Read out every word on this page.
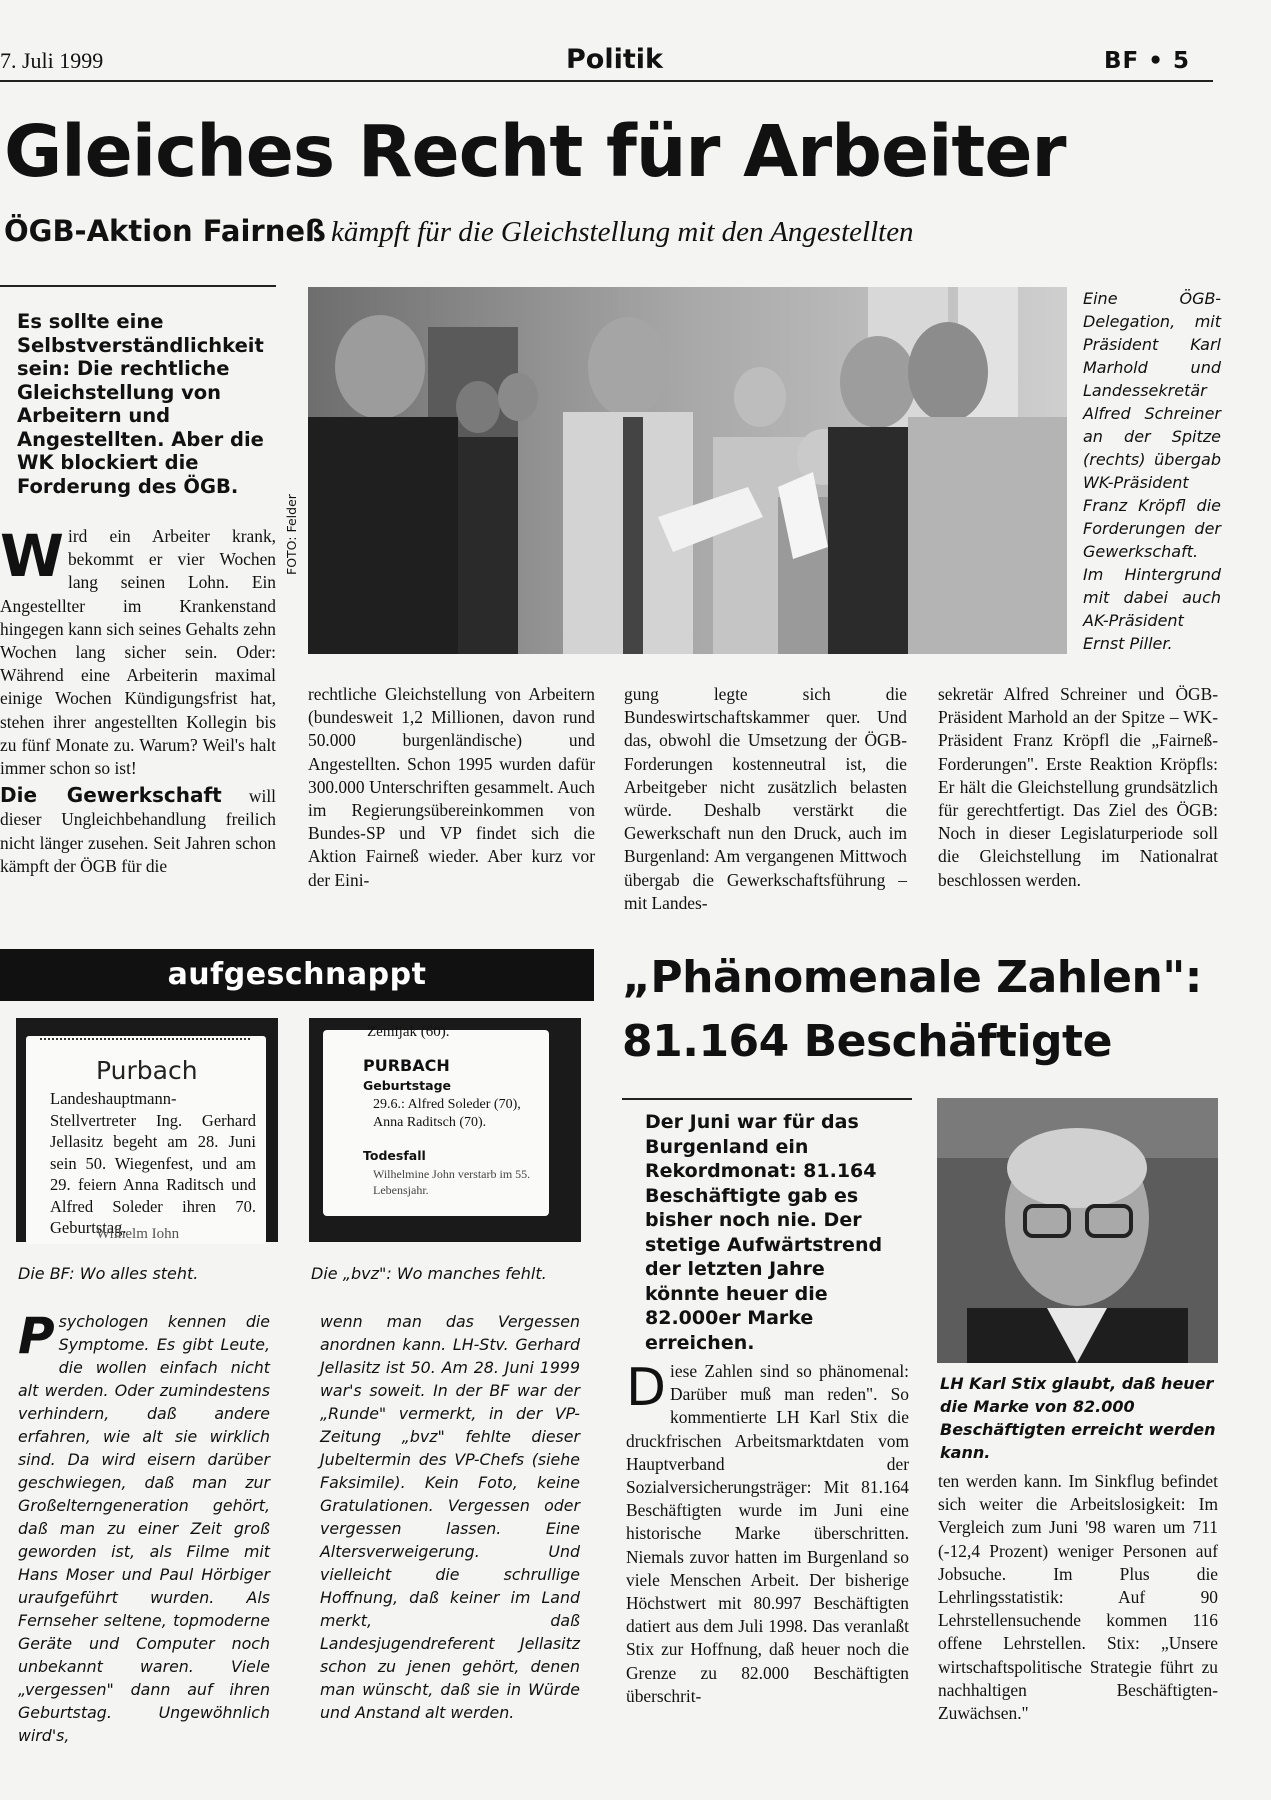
7. Juli 1999	Politik	BF • 5
Gleiches Recht für Arbeiter
ÖGB-Aktion Fairneß kämpft für die Gleichstellung mit den Angestellten
Es sollte eine Selbstverständlichkeit sein: Die rechtliche Gleichstellung von Arbeitern und Angestellten. Aber die WK blockiert die Forderung des ÖGB.
FOTO: Felder
Eine ÖGB-Delegation, mit Präsident Karl Marhold und Landessekretär Alfred Schreiner an der Spitze (rechts) übergab WK-Präsident Franz Kröpfl die Forderungen der Gewerkschaft. Im Hintergrund mit dabei auch AK-Präsident Ernst Piller.

W ird ein Arbeiter krank, bekommt er vier Wochen lang seinen Lohn. Ein Angestellter im Krankenstand hingegen kann sich seines Gehalts zehn Wochen lang sicher sein. Oder: Während eine Arbeiterin maximal einige Wochen Kündigungsfrist hat, stehen ihrer angestellten Kollegin bis zu fünf Monate zu. Warum? Weil's halt immer schon so ist!

Die Gewerkschaft will dieser Ungleichbehandlung freilich nicht länger zusehen. Seit Jahren schon kämpft der ÖGB für die

rechtliche Gleichstellung von Arbeitern (bundesweit 1,2 Millionen, davon rund 50.000 burgenländische) und Angestellten. Schon 1995 wurden dafür 300.000 Unterschriften gesammelt. Auch im Regierungsübereinkommen von Bundes-SP und VP findet sich die Aktion Fairneß wieder. Aber kurz vor der Eini-
gung legte sich die Bundeswirtschaftskammer quer. Und das, obwohl die Umsetzung der ÖGB-Forderungen kostenneutral ist, die Arbeitgeber nicht zusätzlich belasten würde. Deshalb verstärkt die Gewerkschaft nun den Druck, auch im Burgenland: Am vergangenen Mittwoch übergab die Gewerkschaftsführung – mit Landes-
sekretär Alfred Schreiner und ÖGB-Präsident Marhold an der Spitze – WK-Präsident Franz Kröpfl die „Fairneß-Forderungen". Erste Reaktion Kröpfls: Er hält die Gleichstellung grundsätzlich für gerechtfertigt. Das Ziel des ÖGB: Noch in dieser Legislaturperiode soll die Gleichstellung im Nationalrat beschlossen werden.
aufgeschnappt
Purbach
Landeshauptmann-Stellvertreter Ing. Gerhard Jellasitz begeht am 28. Juni sein 50. Wiegenfest, und am 29. feiern Anna Raditsch und Alfred Soleder ihren 70. Geburtstag.
Wilhelm Iohn
Die BF: Wo alles steht.
Zemljak (60).
PURBACH
Geburtstage
29.6.: Alfred Soleder (70), Anna Raditsch (70).
Todesfall
Wilhelmine John verstarb im 55. Lebensjahr.
Die „bvz": Wo manches fehlt.
P sychologen kennen die Symptome. Es gibt Leute, die wollen einfach nicht alt werden. Oder zumindestens verhindern, daß andere erfahren, wie alt sie wirklich sind. Da wird eisern darüber geschwiegen, daß man zur Großelterngeneration gehört, daß man zu einer Zeit groß geworden ist, als Filme mit Hans Moser und Paul Hörbiger uraufgeführt wurden. Als Fernseher seltene, topmoderne Geräte und Computer noch unbekannt waren. Viele „vergessen" dann auf ihren Geburtstag. Ungewöhnlich wird's,
wenn man das Vergessen anordnen kann. LH-Stv. Gerhard Jellasitz ist 50. Am 28. Juni 1999 war's soweit. In der BF war der „Runde" vermerkt, in der VP-Zeitung „bvz" fehlte dieser Jubeltermin des VP-Chefs (siehe Faksimile). Kein Foto, keine Gratulationen. Vergessen oder vergessen lassen. Eine Altersverweigerung. Und vielleicht die schrullige Hoffnung, daß keiner im Land merkt, daß Landesjugendreferent Jellasitz schon zu jenen gehört, denen man wünscht, daß sie in Würde und Anstand alt werden.
„Phänomenale Zahlen":
81.164 Beschäftigte
Der Juni war für das Burgenland ein Rekordmonat: 81.164 Beschäftigte gab es bisher noch nie. Der stetige Aufwärtstrend der letzten Jahre könnte heuer die 82.000er Marke erreichen.
LH Karl Stix glaubt, daß heuer die Marke von 82.000 Beschäftigten erreicht werden kann.
D iese Zahlen sind so phänomenal: Darüber muß man reden". So kommentierte LH Karl Stix die druckfrischen Arbeitsmarktdaten vom Hauptverband der Sozialversicherungsträger: Mit 81.164 Beschäftigten wurde im Juni eine historische Marke überschritten. Niemals zuvor hatten im Burgenland so viele Menschen Arbeit. Der bisherige Höchstwert mit 80.997 Beschäftigten datiert aus dem Juli 1998. Das veranlaßt Stix zur Hoffnung, daß heuer noch die Grenze zu 82.000 Beschäftigten überschrit-
ten werden kann. Im Sinkflug befindet sich weiter die Arbeitslosigkeit: Im Vergleich zum Juni '98 waren um 711 (-12,4 Prozent) weniger Personen auf Jobsuche. Im Plus die Lehrlingsstatistik: Auf 90 Lehrstellensuchende kommen 116 offene Lehrstellen. Stix: „Unsere wirtschaftspolitische Strategie führt zu nachhaltigen Beschäftigten-Zuwächsen."
